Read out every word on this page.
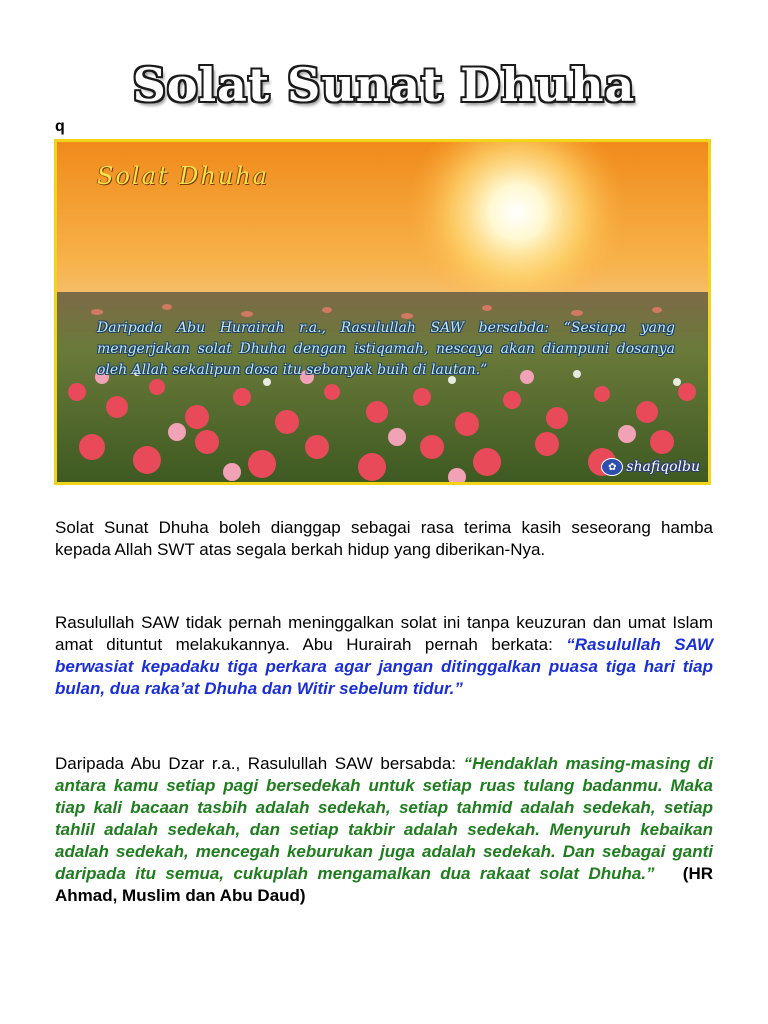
Solat Sunat Dhuha
q
Solat Dhuha
Daripada Abu Hurairah r.a., Rasulullah SAW bersabda: “Sesiapa yang mengerjakan solat Dhuha dengan istiqamah, nescaya akan diampuni dosanya oleh Allah sekalipun dosa itu sebanyak buih di lautan.”
✿ shafiqolbu

Solat Sunat Dhuha boleh dianggap sebagai rasa terima kasih seseorang hamba kepada Allah SWT atas segala berkah hidup yang diberikan-Nya.

Rasulullah SAW tidak pernah meninggalkan solat ini tanpa keuzuran dan umat Islam amat dituntut melakukannya. Abu Hurairah pernah berkata: “Rasulullah SAW berwasiat kepadaku tiga perkara agar jangan ditinggalkan puasa tiga hari tiap bulan, dua raka’at Dhuha dan Witir sebelum tidur.”

Daripada Abu Dzar r.a., Rasulullah SAW bersabda: “Hendaklah masing-masing di antara kamu setiap pagi bersedekah untuk setiap ruas tulang badanmu. Maka tiap kali bacaan tasbih adalah sedekah, setiap tahmid adalah sedekah, setiap tahlil adalah sedekah, dan setiap takbir adalah sedekah. Menyuruh kebaikan adalah sedekah, mencegah keburukan juga adalah sedekah. Dan sebagai ganti daripada itu semua, cukuplah mengamalkan dua rakaat solat Dhuha.” (HR Ahmad, Muslim dan Abu Daud)
